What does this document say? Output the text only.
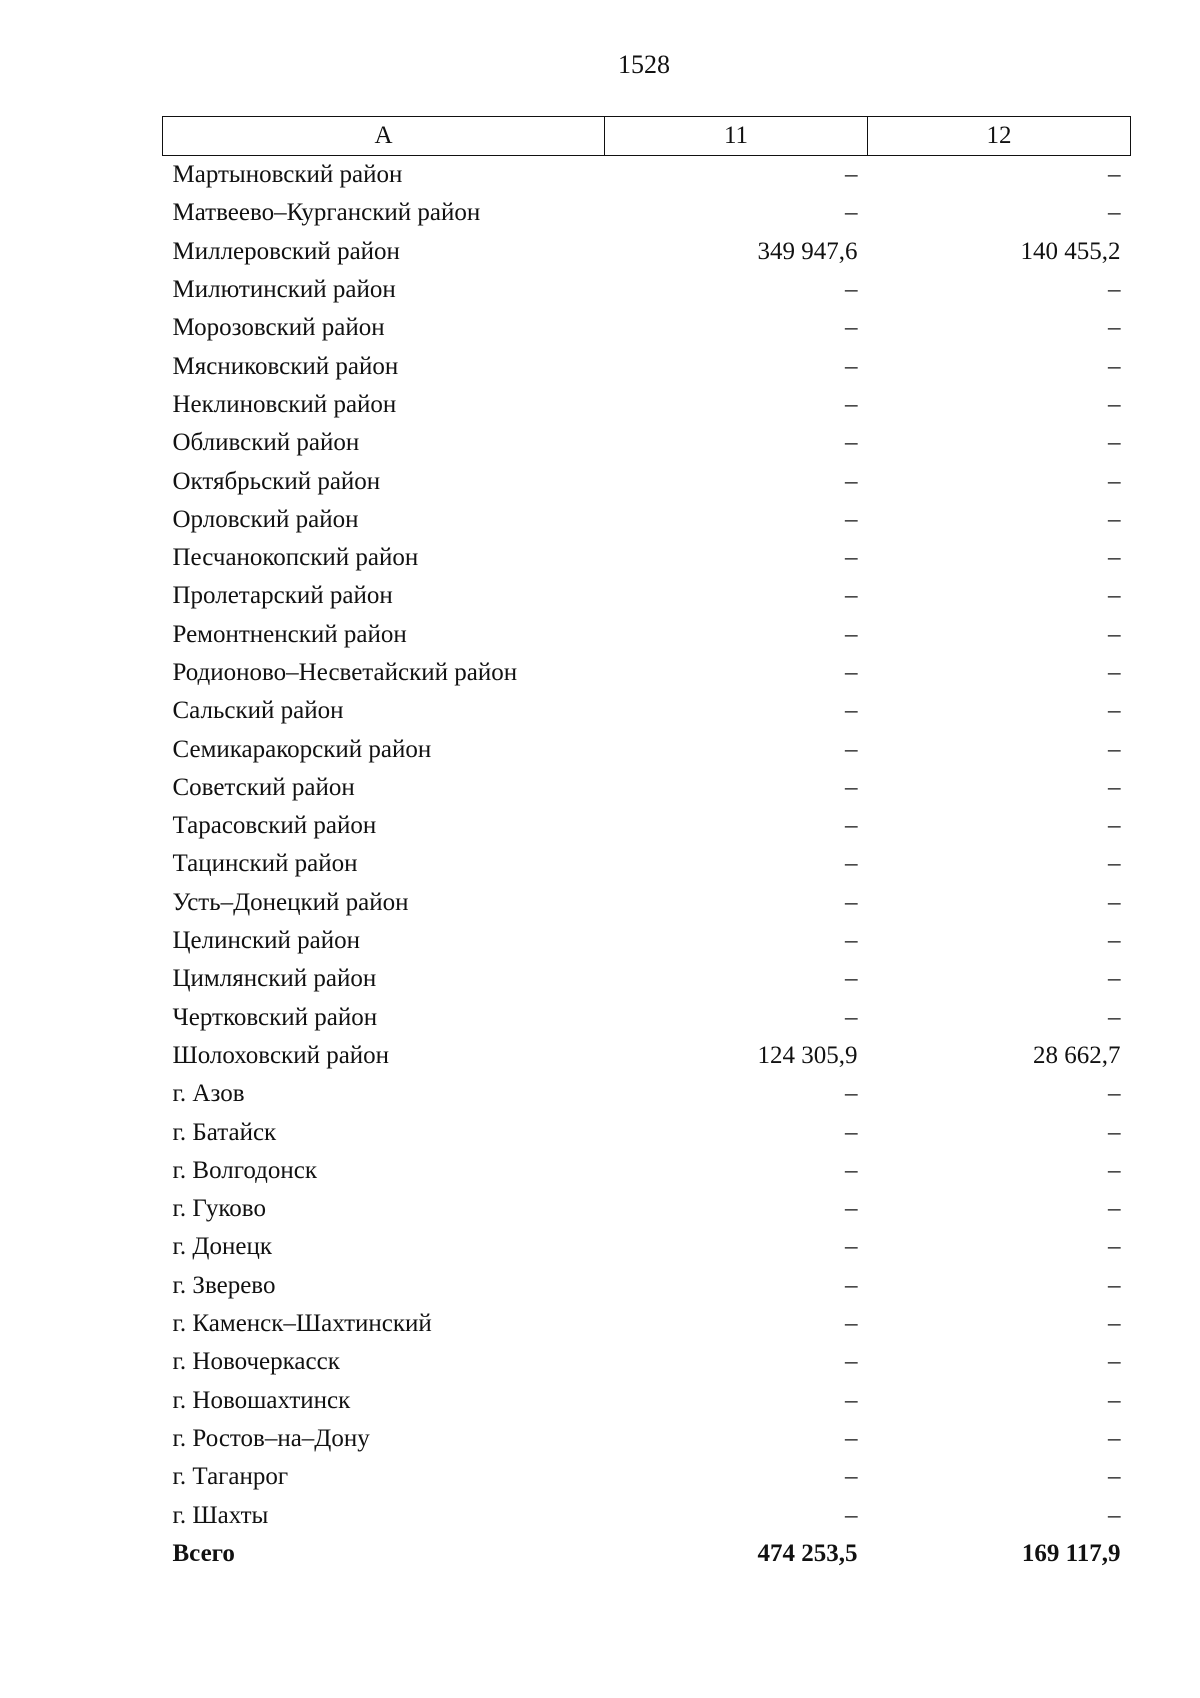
1528
А	11	12
Мартыновский район	–	–
Матвеево–Курганский район	–	–
Миллеровский район	349 947,6	140 455,2
Милютинский район	–	–
Морозовский район	–	–
Мясниковский район	–	–
Неклиновский район	–	–
Обливский район	–	–
Октябрьский район	–	–
Орловский район	–	–
Песчанокопский район	–	–
Пролетарский район	–	–
Ремонтненский район	–	–
Родионово–Несветайский район	–	–
Сальский район	–	–
Семикаракорский район	–	–
Советский район	–	–
Тарасовский район	–	–
Тацинский район	–	–
Усть–Донецкий район	–	–
Целинский район	–	–
Цимлянский район	–	–
Чертковский район	–	–
Шолоховский район	124 305,9	28 662,7
г. Азов	–	–
г. Батайск	–	–
г. Волгодонск	–	–
г. Гуково	–	–
г. Донецк	–	–
г. Зверево	–	–
г. Каменск–Шахтинский	–	–
г. Новочеркасск	–	–
г. Новошахтинск	–	–
г. Ростов–на–Дону	–	–
г. Таганрог	–	–
г. Шахты	–	–
Всего	474 253,5	169 117,9
